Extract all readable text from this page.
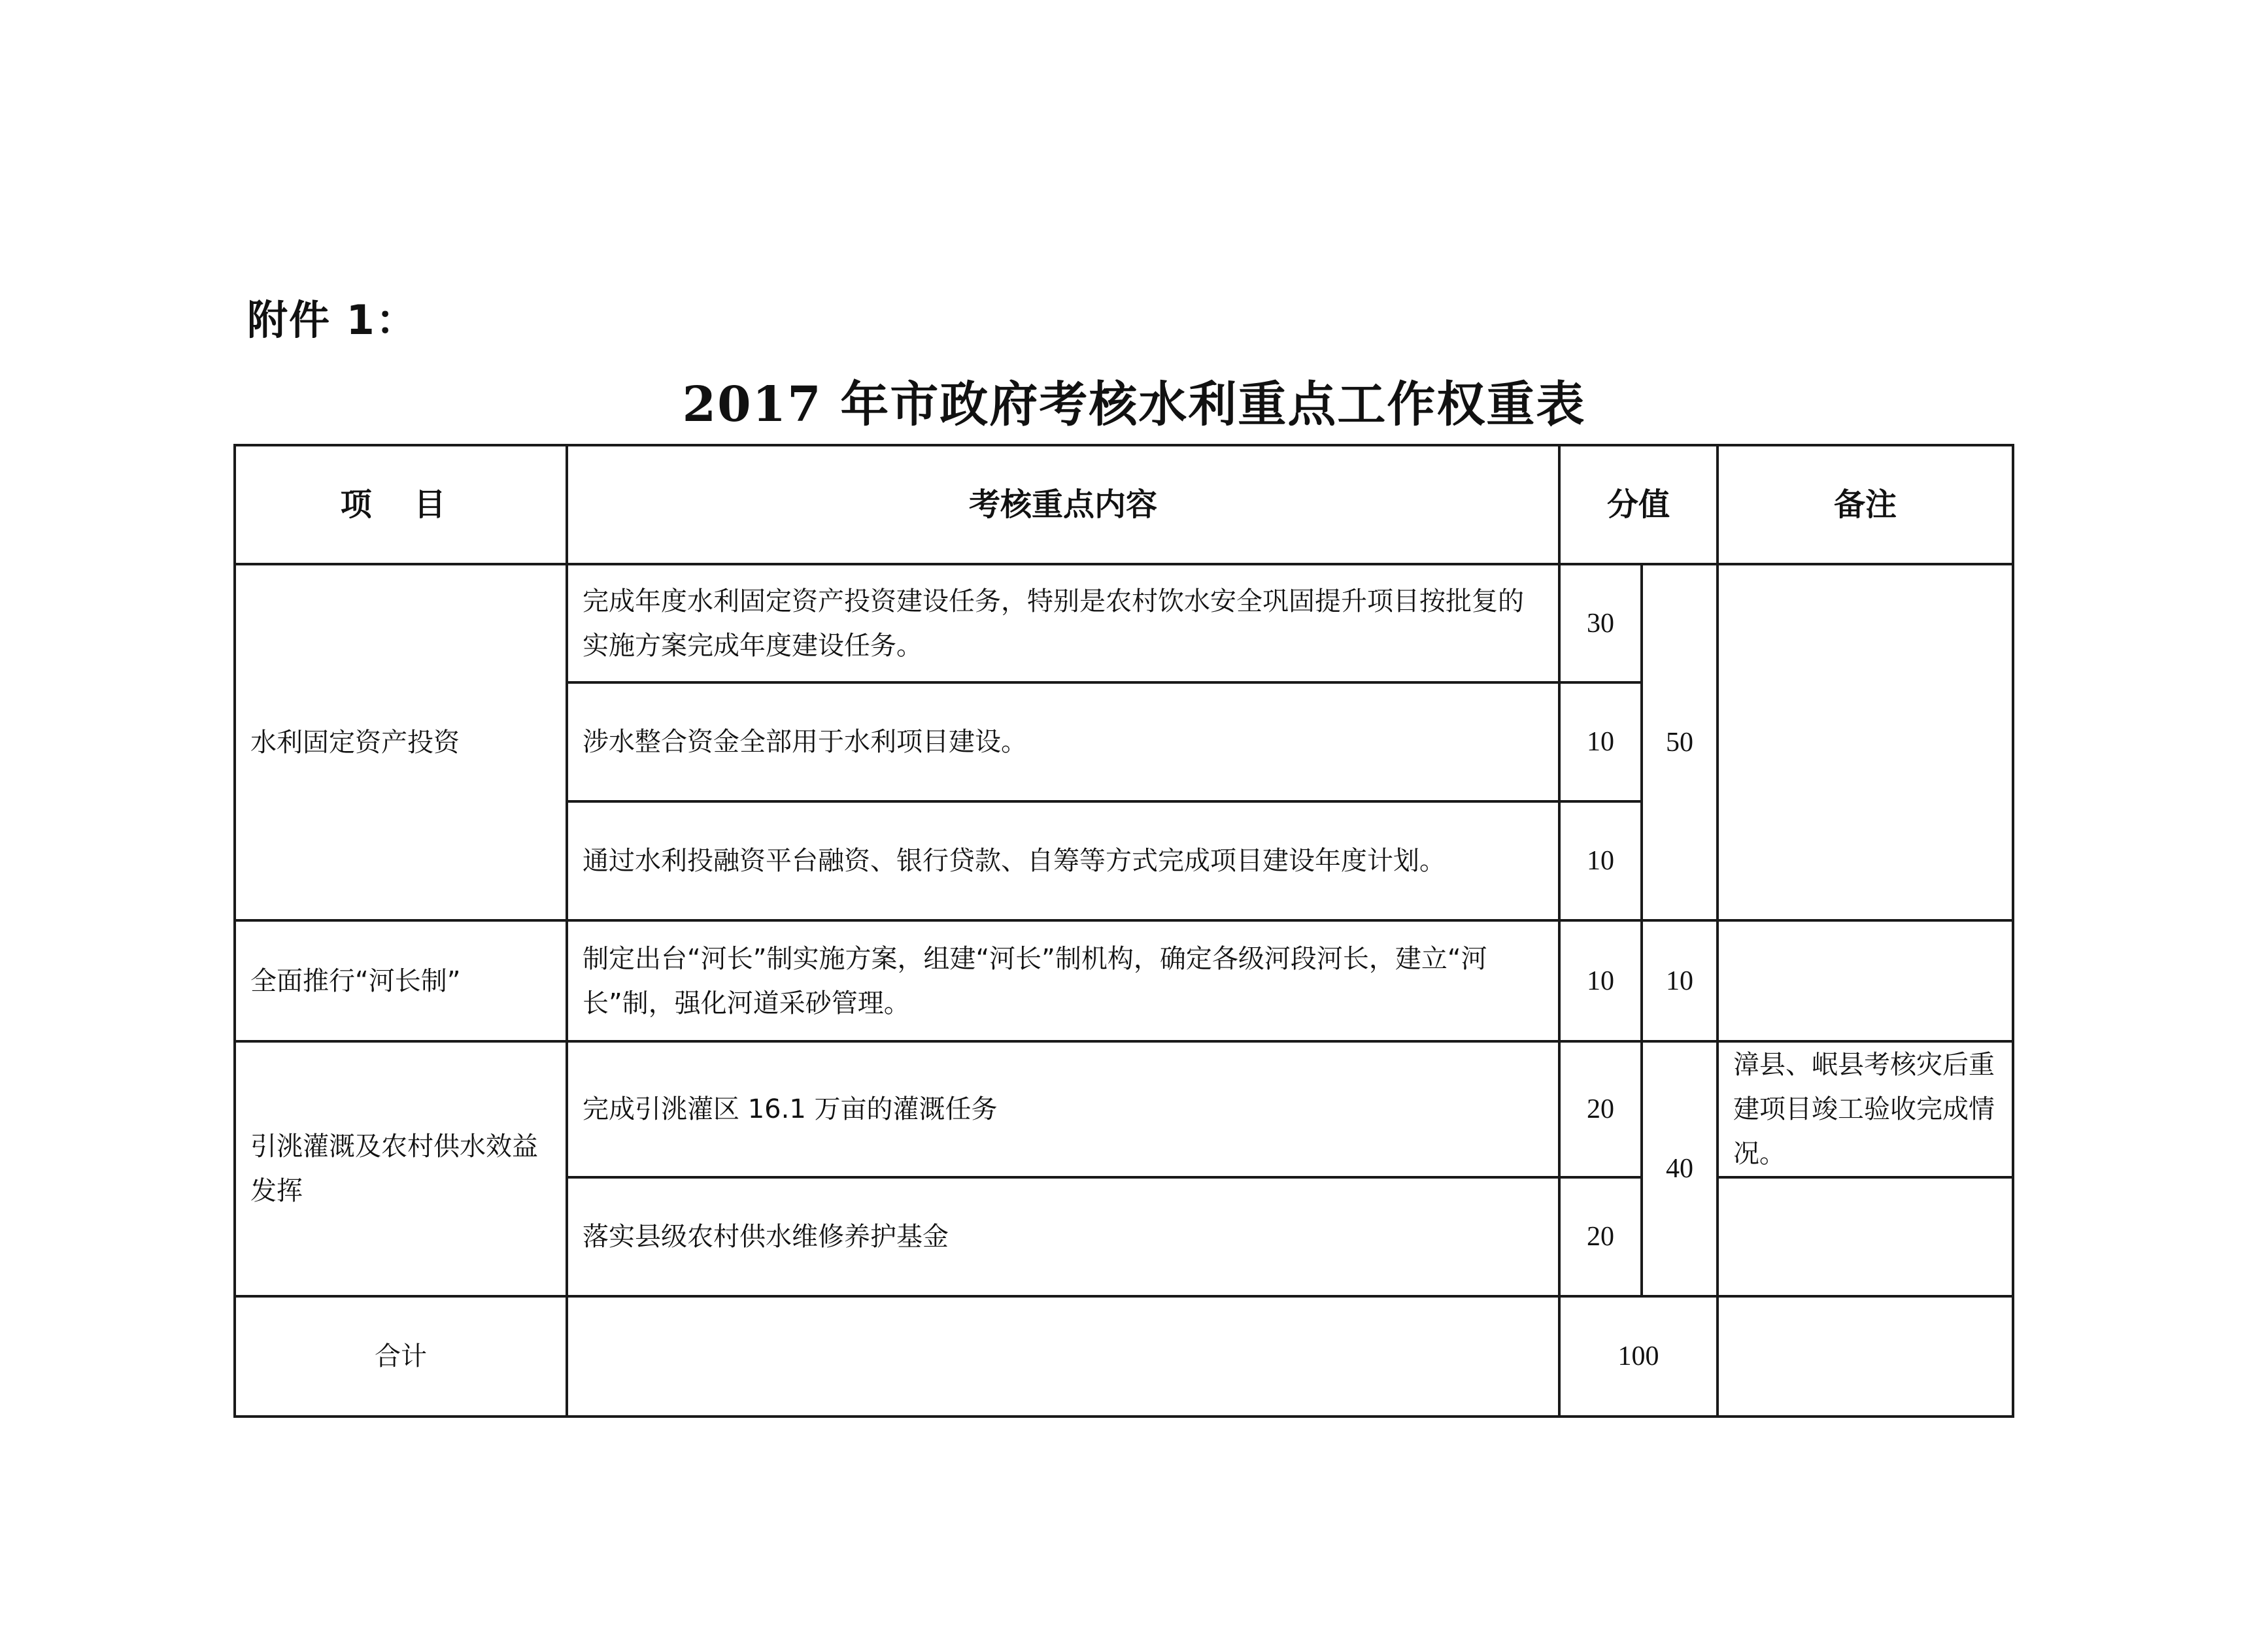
附件 1：
2017 年市政府考核水利重点工作权重表
项 目	考核重点内容	分值		备注
水利固定资产投资	完成年度水利固定资产投资建设任务，特别是农村饮水安全巩固提升项目按批复的实施方案完成年度建设任务。	30	50	
	涉水整合资金全部用于水利项目建设。	10		
	通过水利投融资平台融资、银行贷款、自筹等方式完成项目建设年度计划。	10		
全面推行“河长制”	制定出台“河长”制实施方案，组建“河长”制机构，确定各级河段河长，建立“河长”制，强化河道采砂管理。	10	10	
引洮灌溉及农村供水效益发挥	完成引洮灌区 16.1 万亩的灌溉任务	20	40	漳县、岷县考核灾后重建项目竣工验收完成情况。
	落实县级农村供水维修养护基金	20		
合计		100		
